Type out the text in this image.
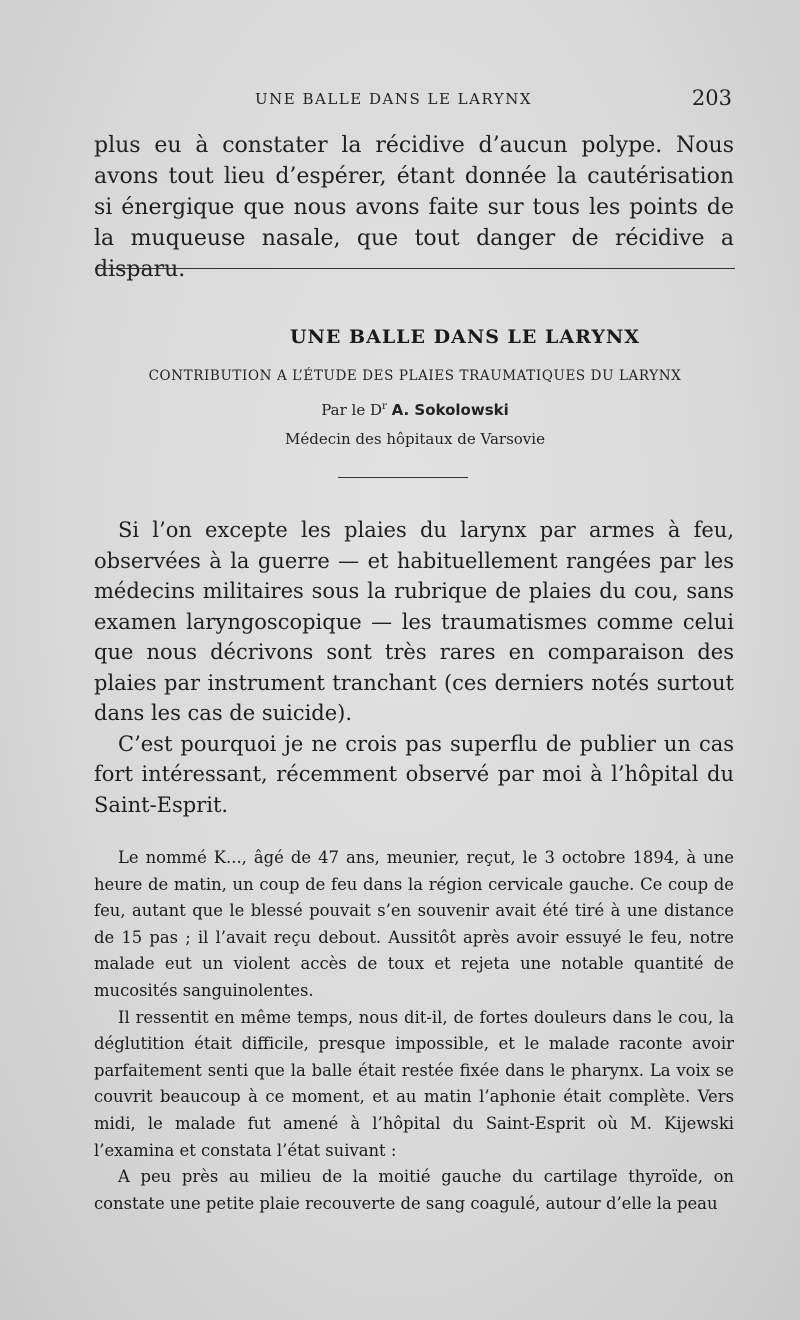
UNE BALLE DANS LE LARYNX	203
plus eu à constater la récidive d’aucun polype. Nous avons tout lieu d’espérer, étant donnée la cautérisation si énergique que nous avons faite sur tous les points de la muqueuse nasale, que tout danger de récidive a disparu.
UNE BALLE DANS LE LARYNX
CONTRIBUTION A L’ÉTUDE DES PLAIES TRAUMATIQUES DU LARYNX
Par le $D^r$ A. Sokolowski
Médecin des hôpitaux de Varsovie

Si l’on excepte les plaies du larynx par armes à feu, observées à la guerre — et habituellement rangées par les médecins militaires sous la rubrique de plaies du cou, sans examen laryngoscopique — les traumatismes comme celui que nous décrivons sont très rares en comparaison des plaies par instrument tranchant (ces derniers notés surtout dans les cas de suicide).

C’est pourquoi je ne crois pas superflu de publier un cas fort intéressant, récemment observé par moi à l’hôpital du Saint-Esprit.

Le nommé K..., âgé de 47 ans, meunier, reçut, le 3 octobre 1894, à une heure de matin, un coup de feu dans la région cervicale gauche. Ce coup de feu, autant que le blessé pouvait s’en souvenir avait été tiré à une distance de 15 pas ; il l’avait reçu debout. Aussitôt après avoir essuyé le feu, notre malade eut un violent accès de toux et rejeta une notable quantité de mucosités sanguinolentes.

Il ressentit en même temps, nous dit-il, de fortes douleurs dans le cou, la déglutition était difficile, presque impossible, et le malade raconte avoir parfaitement senti que la balle était restée fixée dans le pharynx. La voix se couvrit beaucoup à ce moment, et au matin l’aphonie était complète. Vers midi, le malade fut amené à l’hôpital du Saint-Esprit où M. Kijewski l’examina et constata l’état suivant :

A peu près au milieu de la moitié gauche du cartilage thyroïde, on constate une petite plaie recouverte de sang coagulé, autour d’elle la peau
